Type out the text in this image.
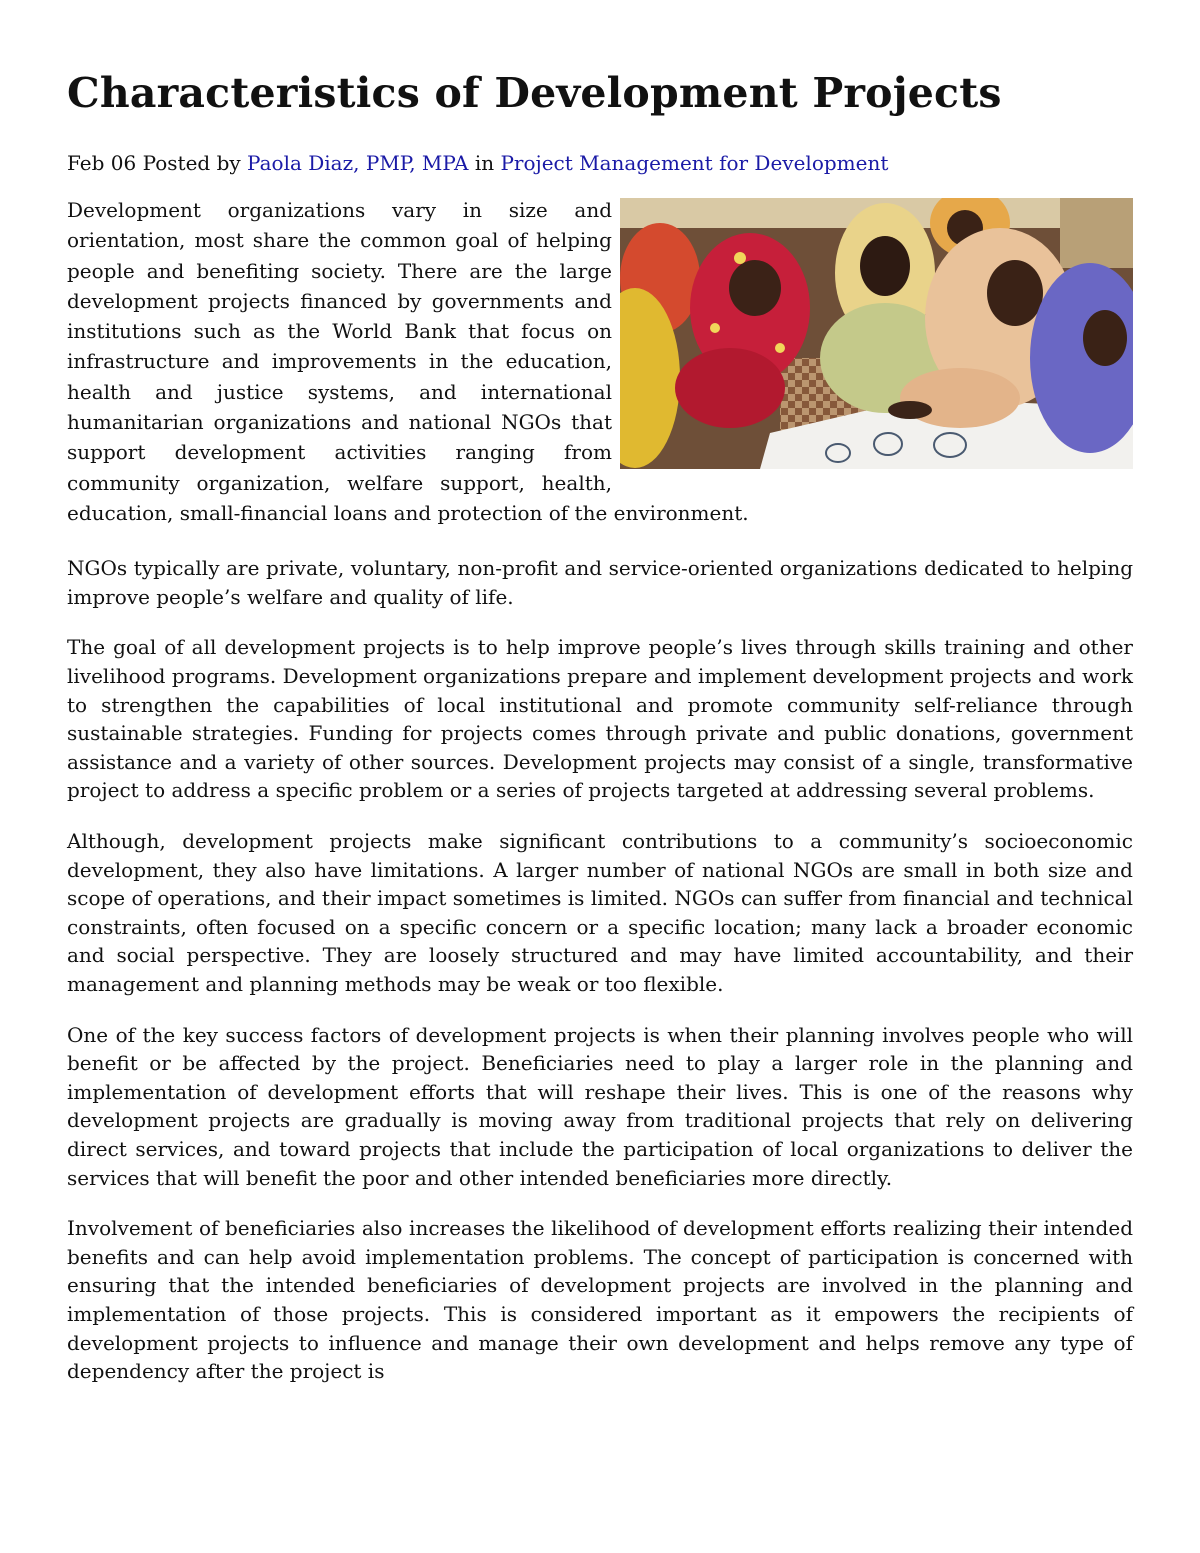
Characteristics of Development Projects
Feb 06 Posted by Paola Diaz, PMP, MPA in Project Management for Development

Development organizations vary in size and orientation, most share the common goal of helping people and benefiting society. There are the large development projects financed by governments and institutions such as the World Bank that focus on infrastructure and improvements in the education, health and justice systems, and international humanitarian organizations and national NGOs that support development activities ranging from community organization, welfare support, health, education, small-financial loans and protection of the environment.

NGOs typically are private, voluntary, non-profit and service-oriented organizations dedicated to helping improve people’s welfare and quality of life.

The goal of all development projects is to help improve people’s lives through skills training and other livelihood programs. Development organizations prepare and implement development projects and work to strengthen the capabilities of local institutional and promote community self-reliance through sustainable strategies. Funding for projects comes through private and public donations, government assistance and a variety of other sources. Development projects may consist of a single, transformative project to address a specific problem or a series of projects targeted at addressing several problems.

Although, development projects make significant contributions to a community’s socioeconomic development, they also have limitations. A larger number of national NGOs are small in both size and scope of operations, and their impact sometimes is limited. NGOs can suffer from financial and technical constraints, often focused on a specific concern or a specific location; many lack a broader economic and social perspective. They are loosely structured and may have limited accountability, and their management and planning methods may be weak or too flexible.

One of the key success factors of development projects is when their planning involves people who will benefit or be affected by the project. Beneficiaries need to play a larger role in the planning and implementation of development efforts that will reshape their lives. This is one of the reasons why development projects are gradually is moving away from traditional projects that rely on delivering direct services, and toward projects that include the participation of local organizations to deliver the services that will benefit the poor and other intended beneficiaries more directly.

Involvement of beneficiaries also increases the likelihood of development efforts realizing their intended benefits and can help avoid implementation problems. The concept of participation is concerned with ensuring that the intended beneficiaries of development projects are involved in the planning and implementation of those projects. This is considered important as it empowers the recipients of development projects to influence and manage their own development and helps remove any type of dependency after the project is
